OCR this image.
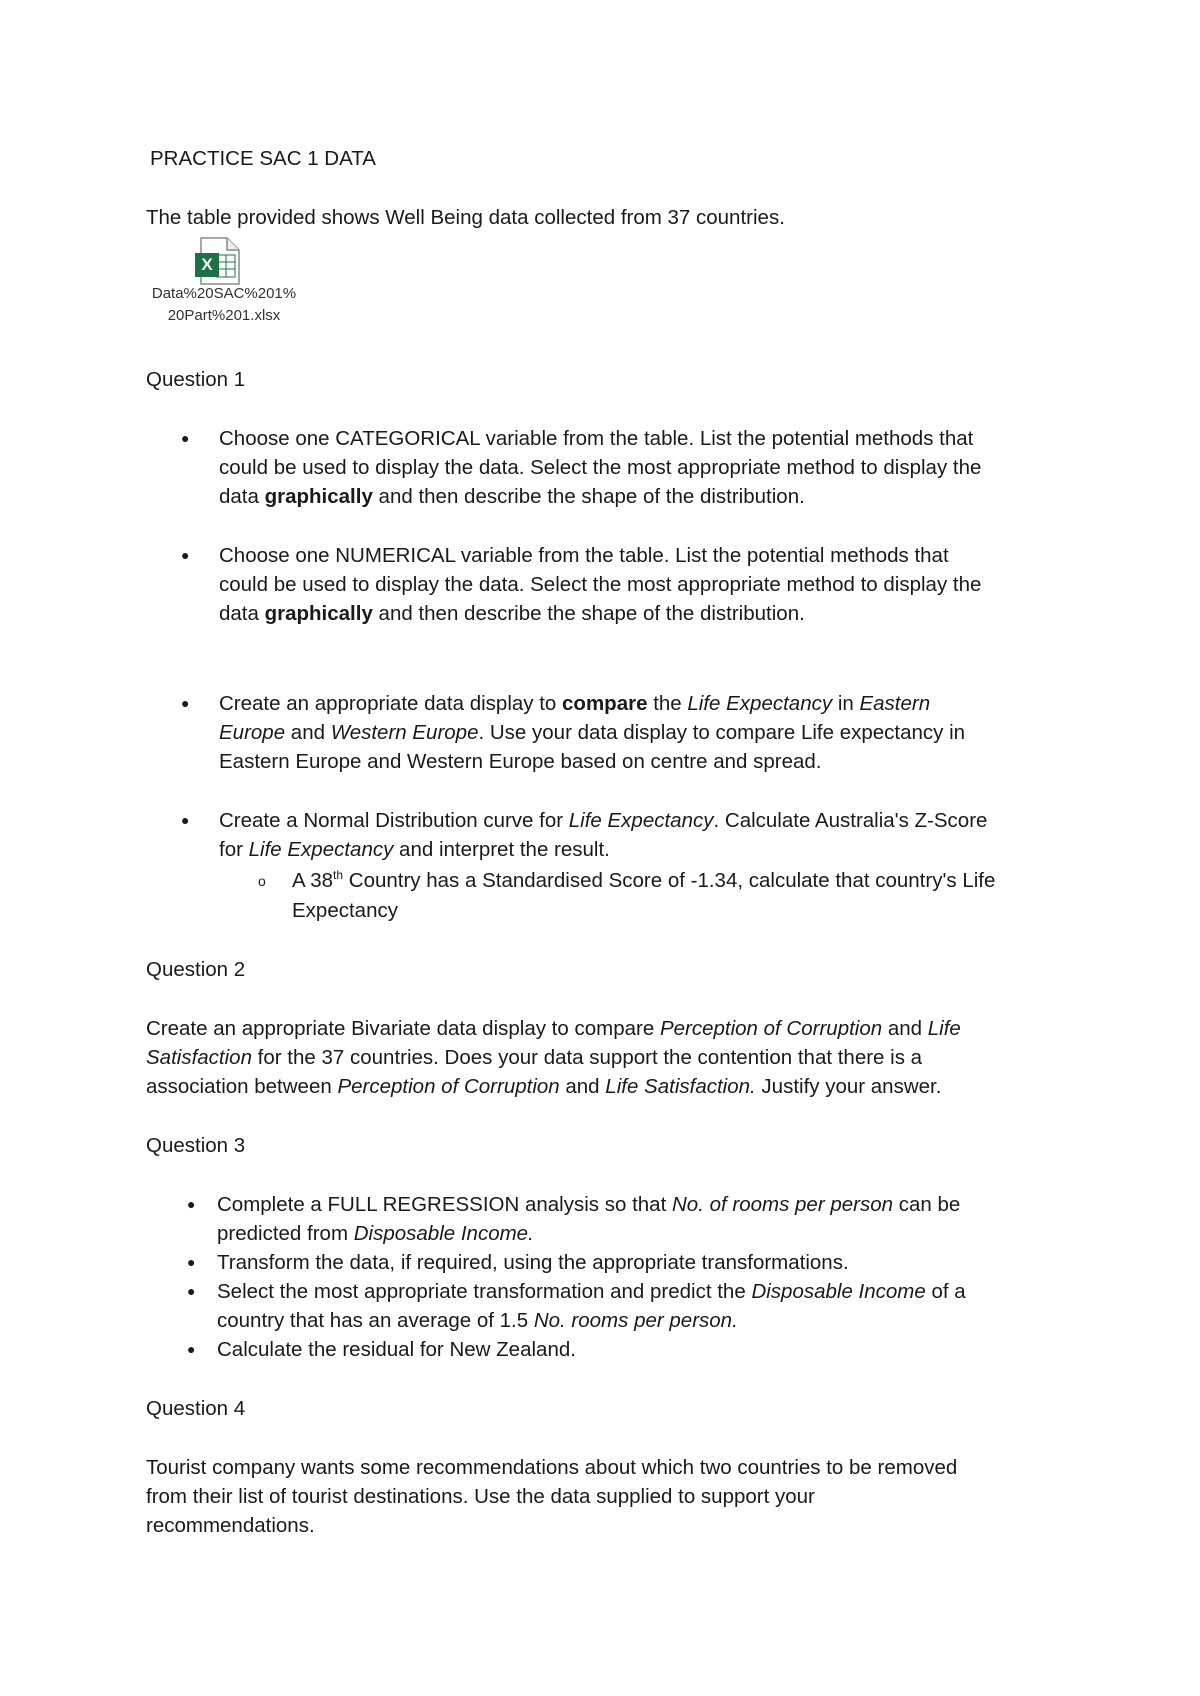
PRACTICE SAC 1 DATA
The table provided shows Well Being data collected from 37 countries.
X
Data%20SAC%201%
20Part%201.xlsx
Question 1
● Choose one CATEGORICAL variable from the table. List the potential methods that
could be used to display the data. Select the most appropriate method to display the
data graphically and then describe the shape of the distribution.
● Choose one NUMERICAL variable from the table. List the potential methods that
could be used to display the data. Select the most appropriate method to display the
data graphically and then describe the shape of the distribution.
● Create an appropriate data display to compare the Life Expectancy in Eastern
Europe and Western Europe. Use your data display to compare Life expectancy in
Eastern Europe and Western Europe based on centre and spread.
● Create a Normal Distribution curve for Life Expectancy. Calculate Australia's Z-Score
for Life Expectancy and interpret the result.
o A 38th Country has a Standardised Score of -1.34, calculate that country's Life
Expectancy
Question 2
Create an appropriate Bivariate data display to compare Perception of Corruption and Life
Satisfaction for the 37 countries. Does your data support the contention that there is a
association between Perception of Corruption and Life Satisfaction. Justify your answer.
Question 3
● Complete a FULL REGRESSION analysis so that No. of rooms per person can be
predicted from Disposable Income.
● Transform the data, if required, using the appropriate transformations.
● Select the most appropriate transformation and predict the Disposable Income of a
country that has an average of 1.5 No. rooms per person.
● Calculate the residual for New Zealand.
Question 4
Tourist company wants some recommendations about which two countries to be removed
from their list of tourist destinations. Use the data supplied to support your
recommendations.
